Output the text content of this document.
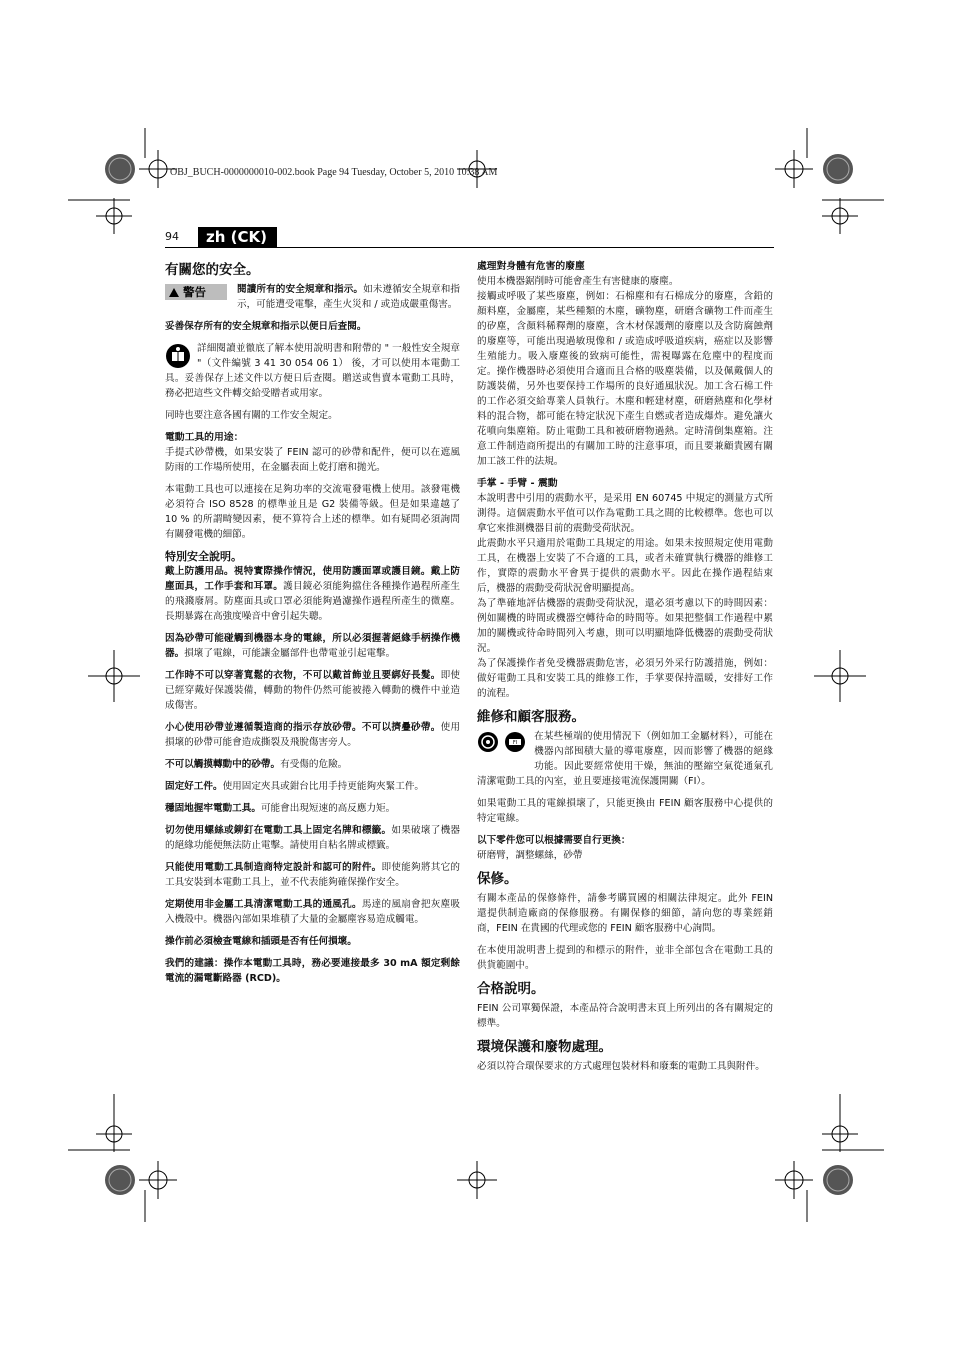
OBJ_BUCH-0000000010-002.book Page 94 Tuesday, October 5, 2010 10:38 AM
94	zh (CK)
有關您的安全。

警告	閱讀所有的安全規章和指示。如未遵循安全規章和指示，可能遭受電擊，產生火災和 / 或造成嚴重傷害。

妥善保存所有的安全規章和指示以便日后查閱。

詳細閱讀並徹底了解本使用說明書和附帶的 " 一般性安全規章 "（文件編號 3 41 30 054 06 1） 後，才可以使用本電動工具。妥善保存上述文件以方便日后查閱。贈送或售賣本電動工具時，務必把這些文件轉交給受贈者或用家。

同時也要注意各國有關的工作安全規定。

電動工具的用途：

手提式砂帶機，如果安裝了 FEIN 認可的砂帶和配件，便可以在遮風防雨的工作場所使用，在金屬表面上乾打磨和拋光。

本電動工具也可以連接在足夠功率的交流電發電機上使用。該發電機必須符合 ISO 8528 的標準並且是 G2 裝備等級。但是如果違越了 10 % 的所謂畸變因素，便不算符合上述的標準。如有疑問必須詢問有關發電機的細節。

特別安全說明。

戴上防護用品。視特實際操作情況，使用防護面罩或護目鏡。戴上防塵面具，工作手套和耳罩。護目鏡必須能夠擋住各種操作過程所產生的飛濺廢屑。防塵面具或口罩必須能夠過濾操作過程所產生的微塵。長期暴露在高強度噪音中會引起失聰。

因為砂帶可能碰觸到機器本身的電線，所以必須握著絕緣手柄操作機器。損壞了電線，可能讓金屬部件也帶電並引起電擊。

工作時不可以穿著寬鬆的衣物，不可以戴首飾並且要綁好長髮。即使已經穿戴好保護裝備，轉動的物件仍然可能被捲入轉動的機件中並造成傷害。

小心使用砂帶並遵循製造商的指示存放砂帶。不可以擠疊砂帶。使用損壞的砂帶可能會造成撕裂及飛脫傷害旁人。

不可以觸摸轉動中的砂帶。有受傷的危險。

固定好工件。使用固定夾具或鉗台比用手持更能夠夾緊工件。

穩固地握牢電動工具。可能會出現短速的高反應力矩。

切勿使用螺絲或鉚釘在電動工具上固定名牌和標籤。如果破壞了機器的絕緣功能便無法防止電擊。請使用自粘名牌或標籤。

只能使用電動工具制造商特定設計和認可的附件。即使能夠將其它的工具安裝到本電動工具上，並不代表能夠確保操作安全。

定期使用非金屬工具清潔電動工具的通風孔。馬達的風扇會把灰塵吸入機殼中。機器內部如果堆積了大量的金屬塵容易造成觸電。

操作前必須檢查電線和插頭是否有任何損壞。

我們的建議：操作本電動工具時，務必要連接最多 30 mA 額定剩餘電流的漏電斷路器 (RCD)。

處理對身體有危害的廢塵

使用本機器鋸削時可能會產生有害健康的廢塵。

接觸或呼吸了某些廢塵，例如：石棉塵和有石棉成分的廢塵，含鉛的顏料塵，金屬塵，某些種類的木塵，礦物塵，研磨含礦物工件而產生的矽塵，含顏料稀釋劑的廢塵，含木材保護劑的廢塵以及含防腐蝕劑的廢塵等，可能出現過敏現像和 / 或造成呼吸道疾病，癌症以及影響生殖能力。吸入廢塵後的致病可能性，需視曝露在危塵中的程度而定。操作機器時必須使用合適而且合格的吸塵裝備，以及佩戴個人的防護裝備，另外也要保持工作場所的良好通風狀況。加工含石棉工件的工作必須交給專業人員執行。木塵和輕建材塵，研磨熱塵和化學材料的混合物，都可能在特定狀況下產生自燃或者造成爆炸。避免讓火花噴向集塵箱。防止電動工具和被研磨物過熱。定時清倒集塵箱。注意工件制造商所提出的有關加工時的注意事項，而且要兼顧貴國有關加工該工件的法規。

手掌 - 手臂 - 震動

本說明書中引用的震動水平，是采用 EN 60745 中規定的測量方式所測得。這個震動水平值可以作為電動工具之間的比較標準。您也可以拿它來推測機器目前的震動受荷狀況。

此震動水平只適用於電動工具規定的用途。如果未按照規定使用電動工具，在機器上安裝了不合適的工具，或者未確實執行機器的維修工作，實際的震動水平會異于提供的震動水平。因此在操作過程結束后，機器的震動受荷狀況會明顯提高。

為了準確地評估機器的震動受荷狀況，還必須考慮以下的時間因素：例如關機的時間或機器空轉待命的時間等。如果把整個工作過程中累加的關機或待命時間列入考慮，則可以明顯地降低機器的震動受荷狀況。

為了保護操作者免受機器震動危害，必須另外采行防護措施，例如：做好電動工具和安裝工具的維修工作，手掌要保持溫暖，安排好工作的流程。

維修和顧客服務。

FI
在某些極端的使用情況下（例如加工金屬材料），可能在機器內部囤積大量的導電廢塵，因而影響了機器的絕緣功能。因此要經常使用干燥，無油的壓縮空氣從通氣孔清潔電動工具的內室，並且要連接電流保護開關（FI）。

如果電動工具的電線損壞了，只能更換由 FEIN 顧客服務中心提供的特定電線。

以下零件您可以根據需要自行更換：
研磨臂，調整螺絲，砂帶

保修。

有關本產品的保修條件，請參考購買國的相關法律規定。此外 FEIN 還提供制造廠商的保修服務。有關保修的細節，請向您的專業經銷商，FEIN 在貴國的代理或您的 FEIN 顧客服務中心詢問。

在本使用說明書上提到的和標示的附件，並非全部包含在電動工具的供貨範圍中。

合格說明。

FEIN 公司單獨保證，本產品符合說明書末頁上所列出的各有關規定的標準。

環境保護和廢物處理。

必須以符合環保要求的方式處理包裝材料和廢棄的電動工具與附件。
